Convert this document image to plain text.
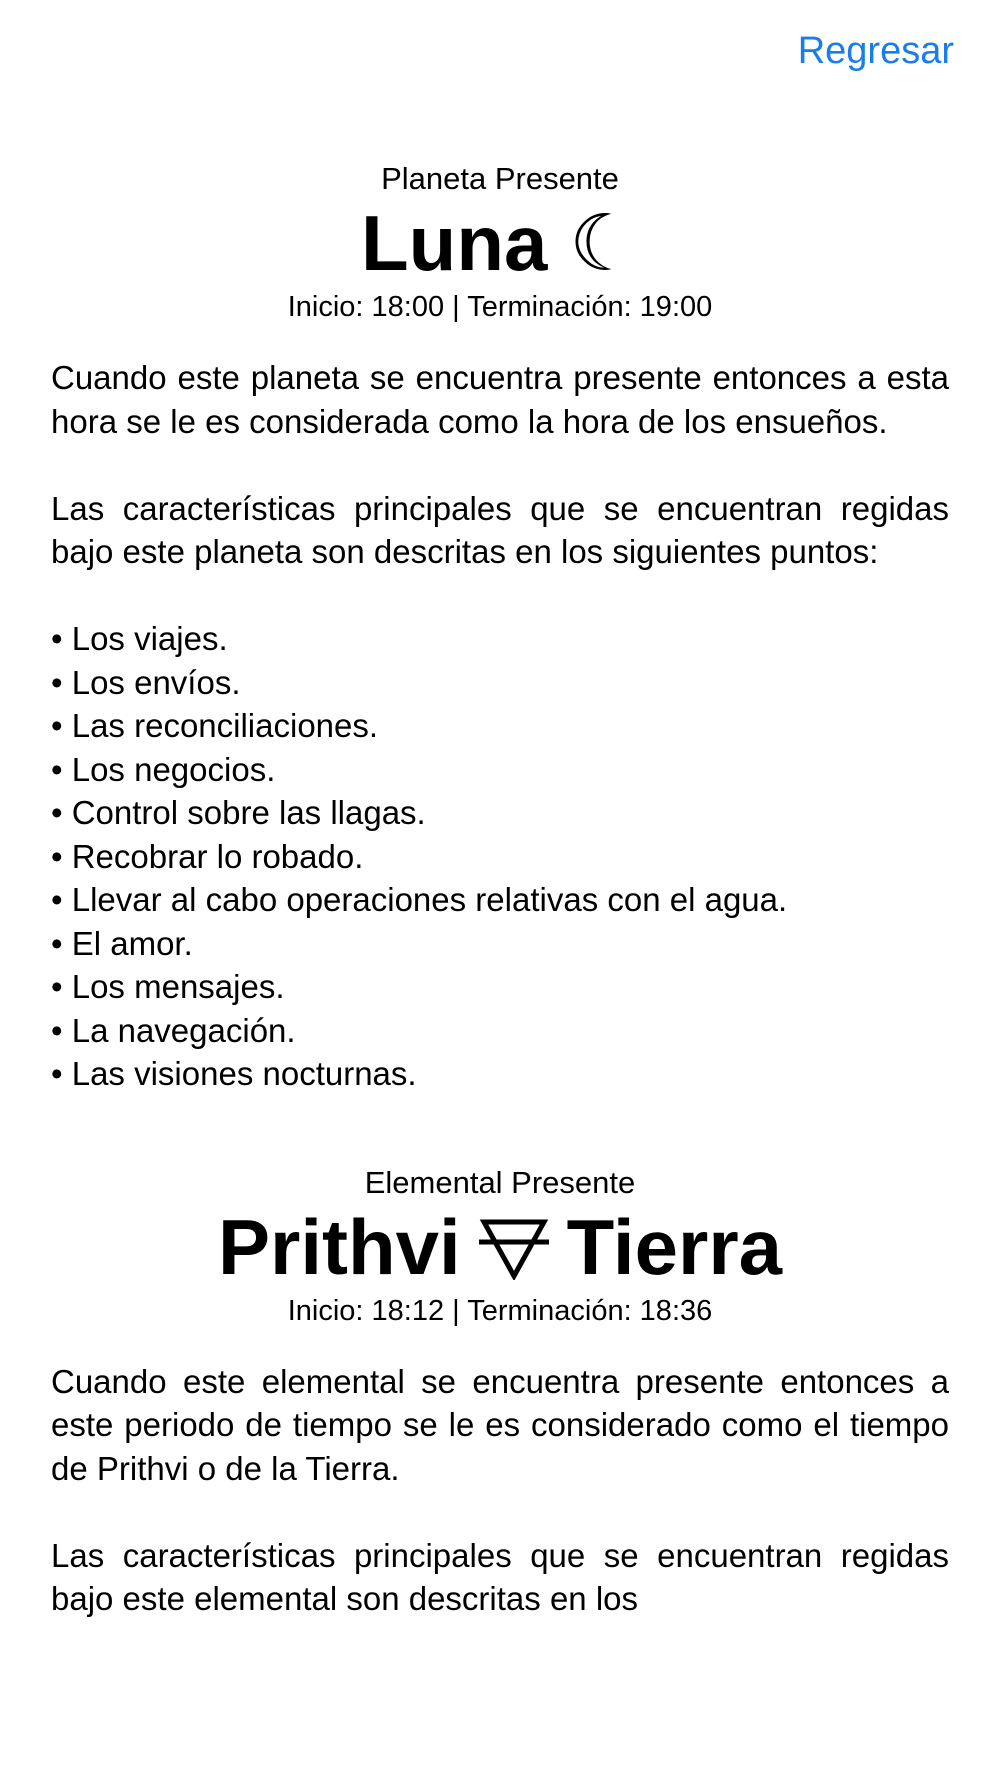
Regresar
Planeta Presente
Luna ☾
Inicio: 18:00 | Terminación: 19:00

Cuando este planeta se encuentra presente entonces a esta hora se le es considerada como la hora de los ensueños.

Las características principales que se encuentran regidas bajo este planeta son descritas en los siguientes puntos:

• Los viajes.
• Los envíos.
• Las reconciliaciones.
• Los negocios.
• Control sobre las llagas.
• Recobrar lo robado.
• Llevar al cabo operaciones relativas con el agua.
• El amor.
• Los mensajes.
• La navegación.
• Las visiones nocturnas.
Elemental Presente
Prithvi Tierra
Inicio: 18:12 | Terminación: 18:36

Cuando este elemental se encuentra presente entonces a este periodo de tiempo se le es considerado como el tiempo de Prithvi o de la Tierra.

Las características principales que se encuentran regidas bajo este elemental son descritas en los
